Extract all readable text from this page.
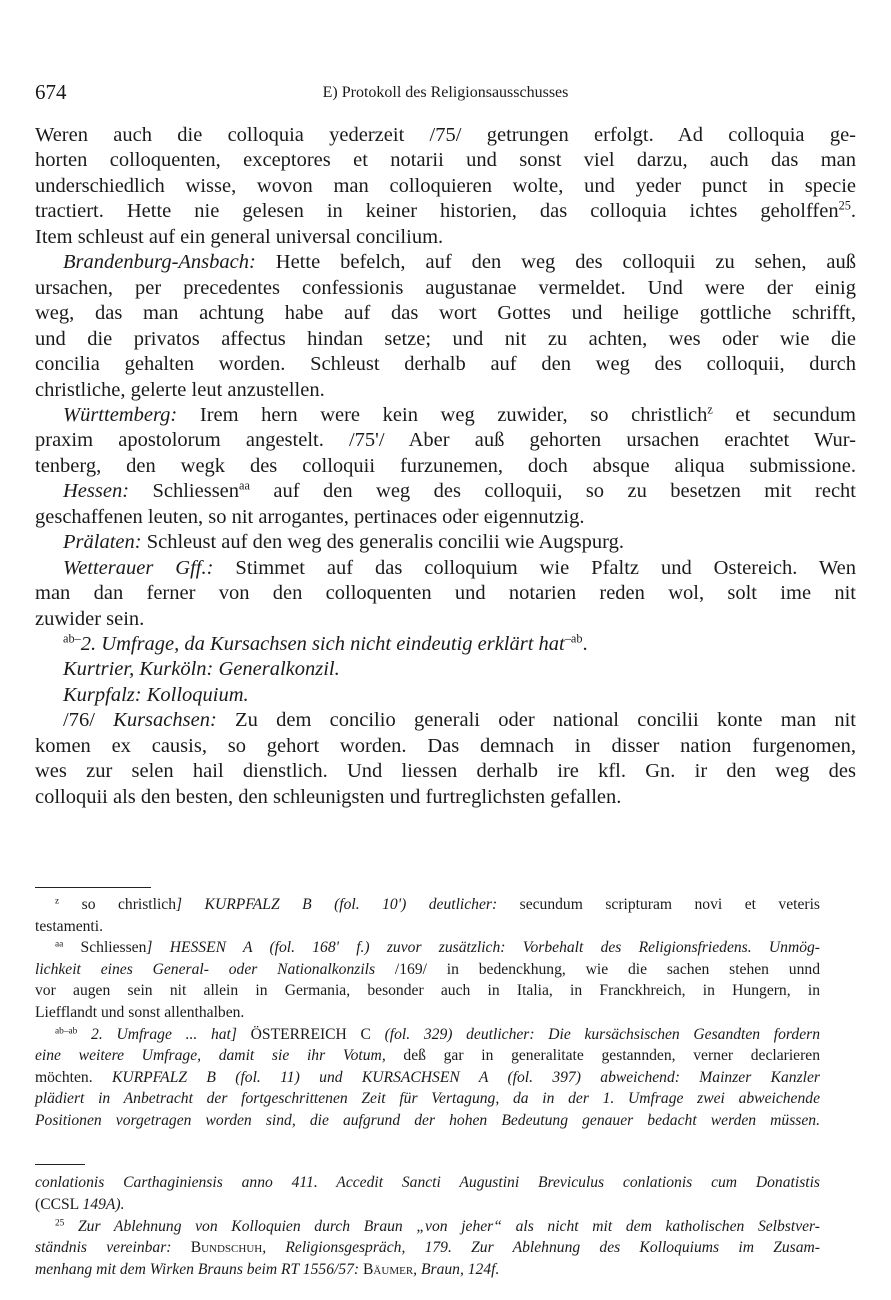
674	E) Protokoll des Religionsausschusses
Weren auch die colloquia yederzeit /75/ getrungen erfolgt. Ad colloquia ge-
horten colloquenten, exceptores et notarii und sonst viel darzu, auch das man
underschiedlich wisse, wovon man colloquieren wolte, und yeder punct in specie
tractiert. Hette nie gelesen in keiner historien, das colloquia ichtes geholffen$^{25}$.
Item schleust auf ein general universal concilium.
Brandenburg-Ansbach: Hette befelch, auf den weg des colloquii zu sehen, auß
ursachen, per precedentes confessionis augustanae vermeldet. Und were der einig
weg, das man achtung habe auf das wort Gottes und heilige gottliche schrifft,
und die privatos affectus hindan setze; und nit zu achten, wes oder wie die
concilia gehalten worden. Schleust derhalb auf den weg des colloquii, durch
christliche, gelerte leut anzustellen.
Württemberg: Irem hern were kein weg zuwider, so christlich$^z$ et secundum
praxim apostolorum angestelt. /75'/ Aber auß gehorten ursachen erachtet Wur-
tenberg, den wegk des colloquii furzunemen, doch absque aliqua submissione.
Hessen: Schliessen$^{aa}$ auf den weg des colloquii, so zu besetzen mit recht
geschaffenen leuten, so nit arrogantes, pertinaces oder eigennutzig.
Prälaten: Schleust auf den weg des generalis concilii wie Augspurg.
Wetterauer Gff.: Stimmet auf das colloquium wie Pfaltz und Ostereich. Wen
man dan ferner von den colloquenten und notarien reden wol, solt ime nit
zuwider sein.
$^{ab-}$2. Umfrage, da Kursachsen sich nicht eindeutig erklärt hat$^{-ab}$.
Kurtrier, Kurköln: Generalkonzil.
Kurpfalz: Kolloquium.
/76/ Kursachsen: Zu dem concilio generali oder national concilii konte man nit
komen ex causis, so gehort worden. Das demnach in disser nation furgenomen,
wes zur selen hail dienstlich. Und liessen derhalb ire kfl. Gn. ir den weg des
colloquii als den besten, den schleunigsten und furtreglichsten gefallen.
$^z$ so christlich] KURPFALZ B (fol. 10') deutlicher: secundum scripturam novi et veteris
testamenti.
$^{aa}$ Schliessen] HESSEN A (fol. 168' f.) zuvor zusätzlich: Vorbehalt des Religionsfriedens. Unmög-
lichkeit eines General- oder Nationalkonzils /169/ in bedenckhung, wie die sachen stehen unnd
vor augen sein nit allein in Germania, besonder auch in Italia, in Franckhreich, in Hungern, in
Liefflandt und sonst allenthalben.
$^{ab-ab}$ 2. Umfrage ... hat] ÖSTERREICH C (fol. 329) deutlicher: Die kursächsischen Gesandten fordern
eine weitere Umfrage, damit sie ihr Votum, deß gar in generalitate gestannden, verner declarieren
möchten. KURPFALZ B (fol. 11) und KURSACHSEN A (fol. 397) abweichend: Mainzer Kanzler
plädiert in Anbetracht der fortgeschrittenen Zeit für Vertagung, da in der 1. Umfrage zwei abweichende
Positionen vorgetragen worden sind, die aufgrund der hohen Bedeutung genauer bedacht werden müssen.
conlationis Carthaginiensis anno 411. Accedit Sancti Augustini Breviculus conlationis cum Donatistis
(CCSL 149A).
$^{25}$ Zur Ablehnung von Kolloquien durch Braun „von jeher“ als nicht mit dem katholischen Selbstver-
ständnis vereinbar: Bundschuh, Religionsgespräch, 179. Zur Ablehnung des Kolloquiums im Zusam-
menhang mit dem Wirken Brauns beim RT 1556/57: Bäumer, Braun, 124f.
